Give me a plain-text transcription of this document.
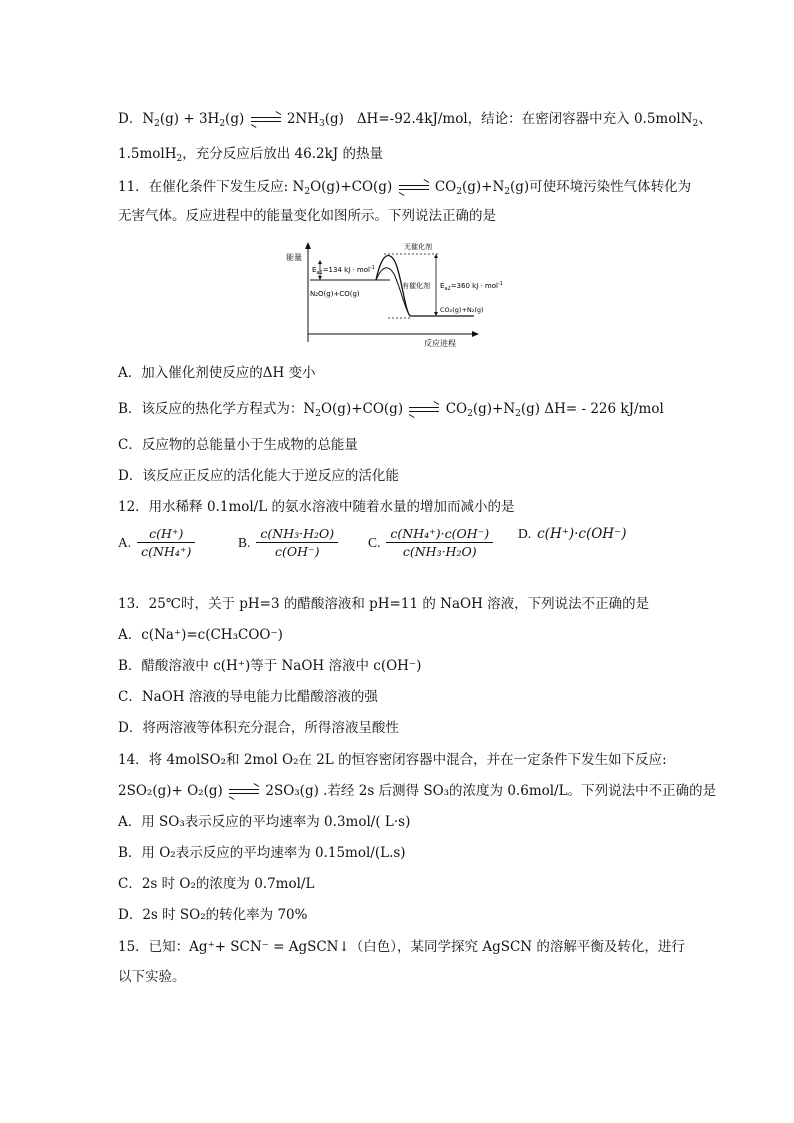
D．$N_2(g) + 3H_2(g)$	$2NH_3(g)$ ΔH=-92.4kJ/mol，结论：在密闭容器中充入 0.5molN$_2$、
1.5molH$_2$，充分反应后放出 46.2kJ 的热量
11．在催化条件下发生反应: $N_2O(g)+CO(g)$	$CO_2(g)+N_2(g)$可使环境污染性气体转化为
无害气体。反应进程中的能量变化如图所示。下列说法正确的是
能量
反应进程
无催化剂
有催化剂
$E_{a1}=134$ kJ · mol$^{-1}$
$E_{a2}=360$ kJ · mol$^{-1}$
N₂O(g)+CO(g)
CO₂(g)+N₂(g)
A．加入催化剂使反应的ΔH 变小
B．该反应的热化学方程式为：$N_2O(g)+CO(g)$	$CO_2(g)+N_2(g)$ ΔH= - 226 kJ/mol
C．反应物的总能量小于生成物的总能量
D．该反应正反应的活化能大于逆反应的活化能
12．用水稀释 0.1mol/L 的氨水溶液中随着水量的增加而减小的是
A. $\frac{c(H^+)}{\text{c(NH₄⁺)}}$	B. $\frac{\text{c(NH₃·H₂O)}}{c(OH^-)} C$. $\frac{\text{c(NH₄⁺)·c(OH⁻)}}{\text{c(NH₃·H₂O)}} D$. c(H⁺)·c(OH⁻)
13．25℃时，关于 pH=3 的醋酸溶液和 pH=11 的 NaOH 溶液，下列说法不正确的是
A．c(Na⁺)=c(CH₃COO⁻)
B．醋酸溶液中 c(H⁺)等于 NaOH 溶液中 c(OH⁻)
C．NaOH 溶液的导电能力比醋酸溶液的强
D．将两溶液等体积充分混合，所得溶液呈酸性
14．将 4molSO₂和 2mol O₂在 2L 的恒容密闭容器中混合，并在一定条件下发生如下反应:
2SO₂(g)+ O₂(g)	2SO₃(g) .若经 2s 后测得 SO₃的浓度为 0.6mol/L。下列说法中不正确的是
A．用 SO₃表示反应的平均速率为 0.3mol/( L·s)
B．用 O₂表示反应的平均速率为 0.15mol/(L.s)
C．2s 时 O₂的浓度为 0.7mol/L
D．2s 时 SO₂的转化率为 70%
15．已知：Ag⁺+ SCN⁻ = AgSCN↓（白色），某同学探究 AgSCN 的溶解平衡及转化，进行
以下实验。
